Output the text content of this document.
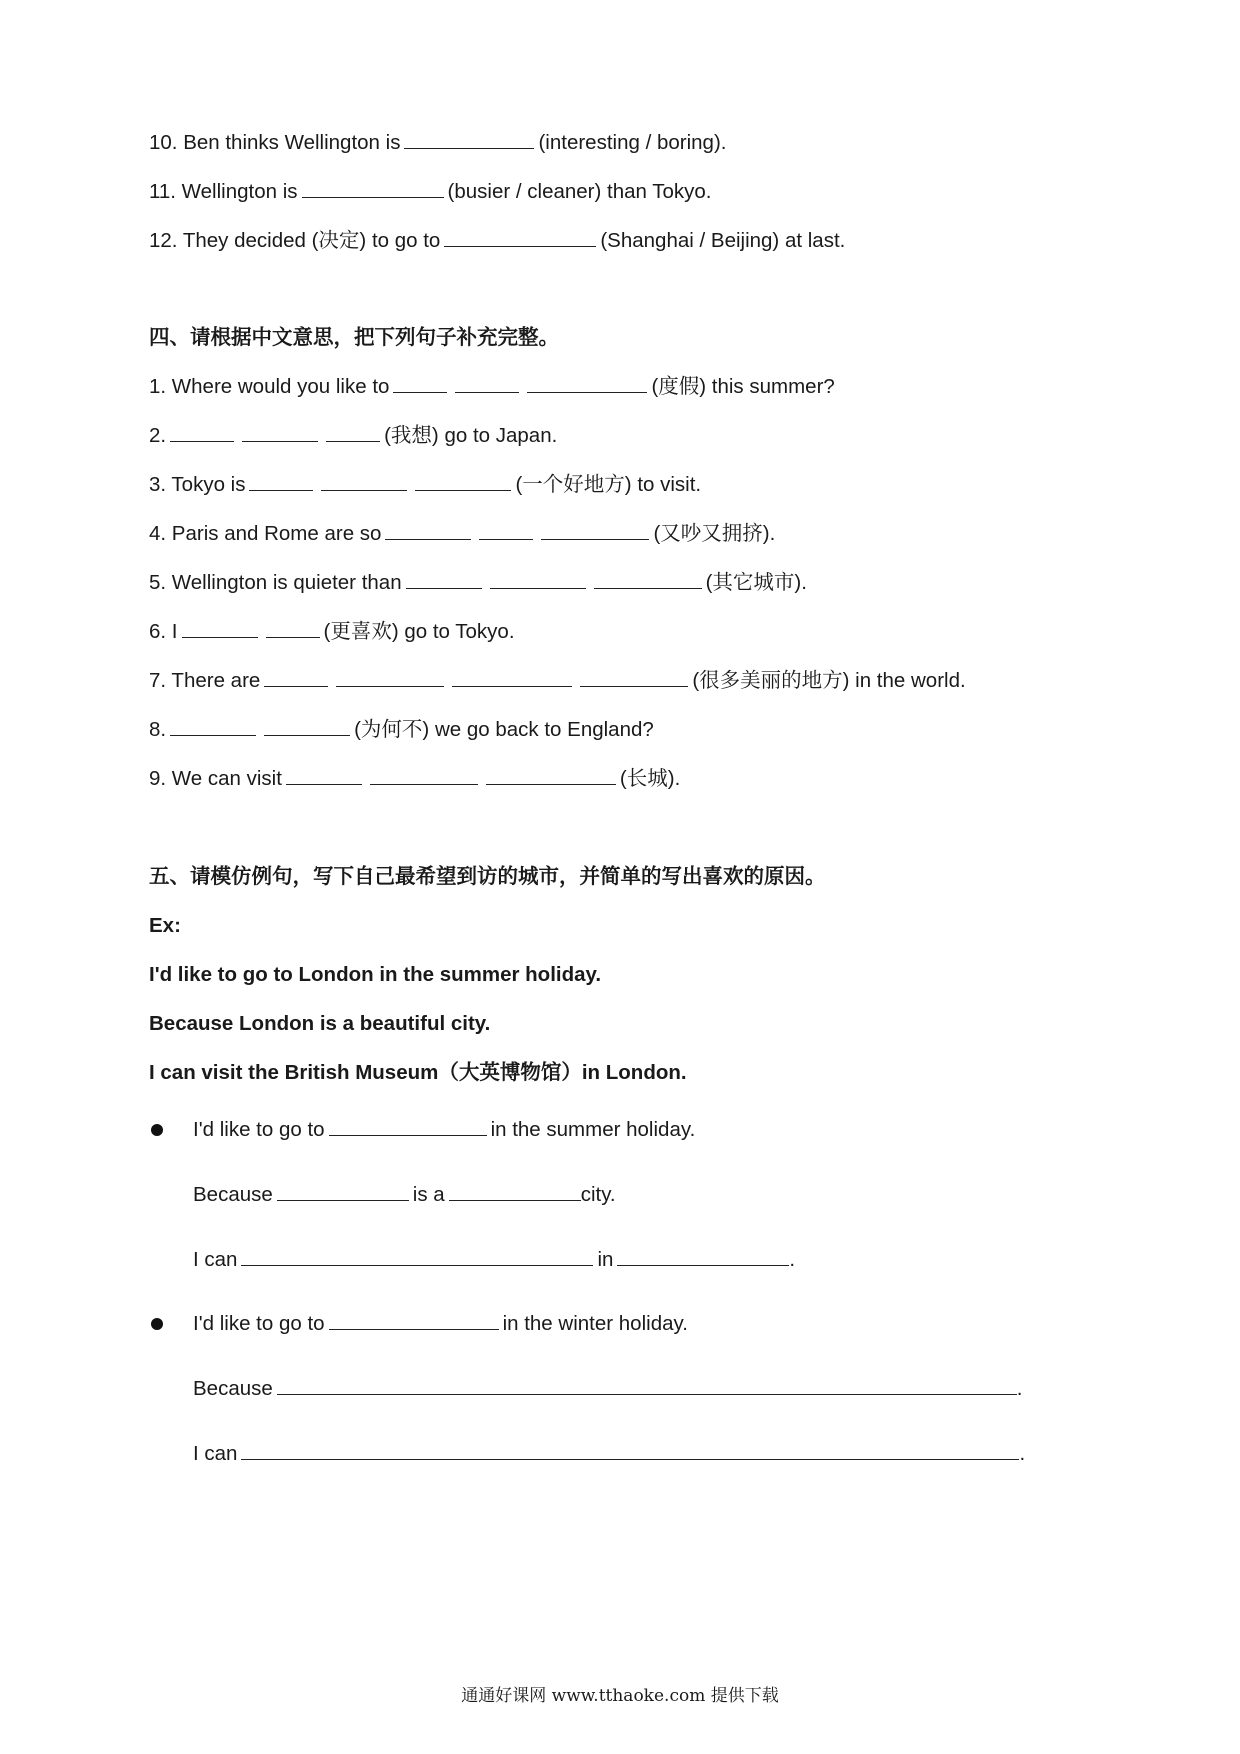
10. Ben thinks Wellington is	(interesting / boring).
11. Wellington is	(busier / cleaner) than Tokyo.
12. They decided (决定) to go to	(Shanghai / Beijing) at last.
四、请根据中文意思，把下列句子补充完整。
1. Where would you like to	(度假) this summer?
2.	(我想) go to Japan.
3. Tokyo is	(一个好地方) to visit.
4. Paris and Rome are so	(又吵又拥挤).
5. Wellington is quieter than	(其它城市).
6. I	(更喜欢) go to Tokyo.
7. There are	(很多美丽的地方) in the world.
8.	(为何不) we go back to England?
9. We can visit	(长城).
五、请模仿例句，写下自己最希望到访的城市，并简单的写出喜欢的原因。
Ex:
I'd like to go to London in the summer holiday.
Because London is a beautiful city.
I can visit the British Museum（大英博物馆）in London.
I'd like to go to	in the summer holiday.
Because	is a	city.
I can	in	.
I'd like to go to	in the winter holiday.
Because	.
I can	.
通通好课网 www.tthaoke.com 提供下载
